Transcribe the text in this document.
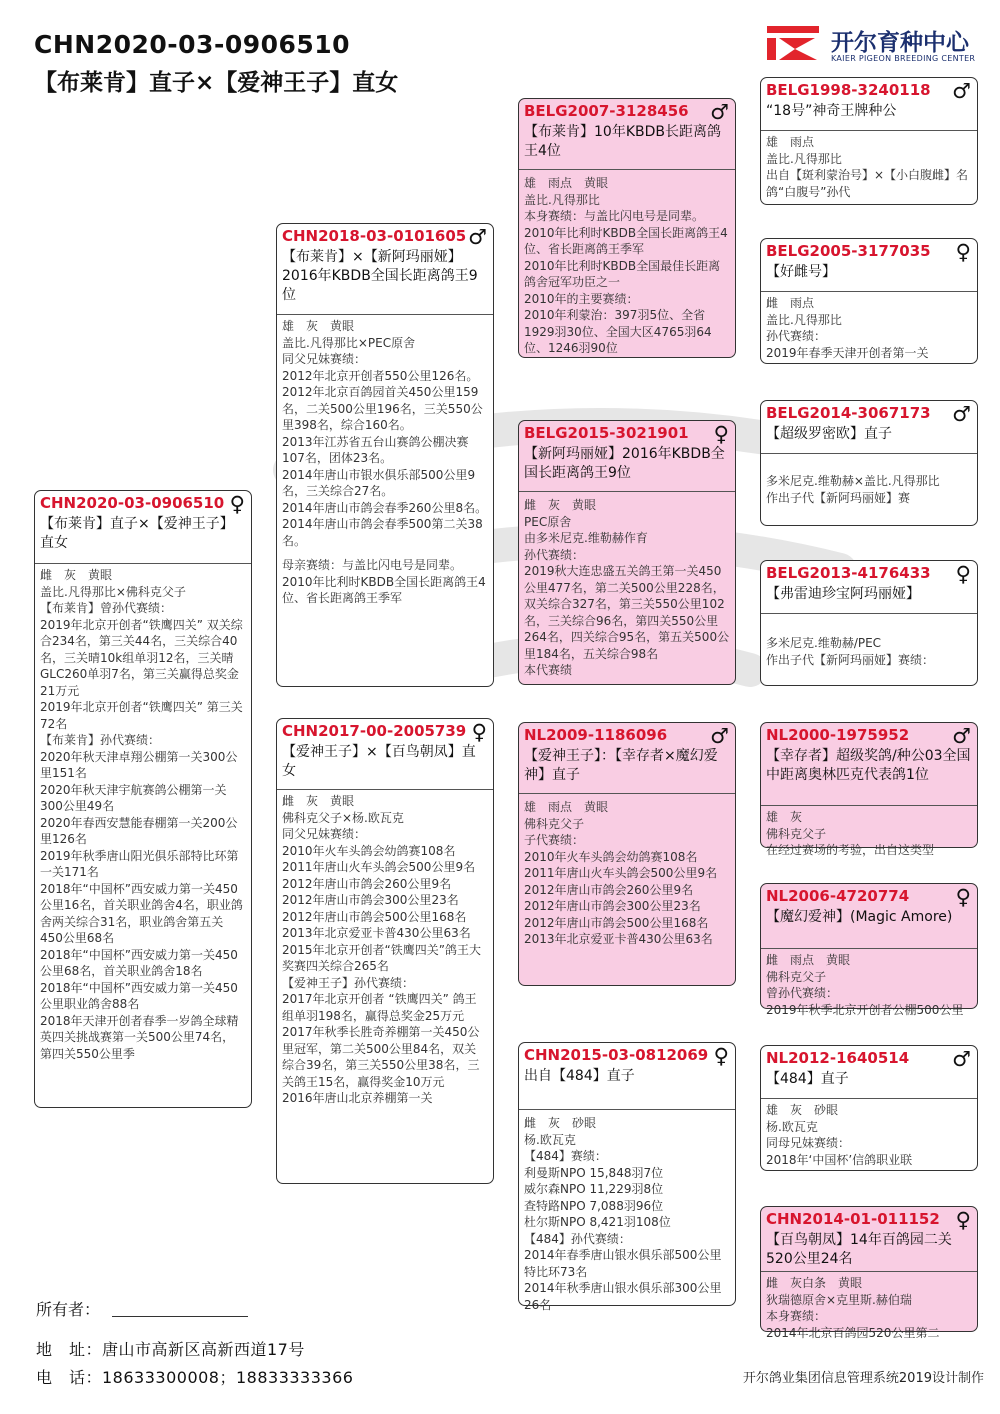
CHN2020-03-0906510
【布莱肯】直子×【爱神王子】直女
开尔育种中心
KAIER PIGEON BREEDING CENTER
CHN2020-03-0906510 ♀
【布莱肯】直子×【爱神王子】直女
雌　灰　黄眼
盖比.凡得那比×佛科克父子
【布莱肯】曾孙代赛绩：
2019年北京开创者“铁鹰四关” 双关综合234名，第三关44名，三关综合40名，三关晴10k组单羽12名，三关晴GLC260单羽7名，第三关赢得总奖金21万元
2019年北京开创者“铁鹰四关” 第三关72名
【布莱肯】孙代赛绩：
2020年秋天津卓翔公棚第一关300公里151名
2020年秋天津宇航赛鸽公棚第一关300公里49名
2020年春西安慧能春棚第一关200公里126名
2019年秋季唐山阳光俱乐部特比环第一关171名
2018年“中国杯”西安威力第一关450公里16名，首关职业鸽舍4名，职业鸽舍两关综合31名，职业鸽舍第五关450公里68名
2018年“中国杯”西安威力第一关450公里68名，首关职业鸽舍18名
2018年“中国杯”西安威力第一关450公里职业鸽舍88名
2018年天津开创者春季一岁鸽全球精英四关挑战赛第一关500公里74名，第四关550公里季
CHN2018-03-0101605 ♂
【布莱肯】×【新阿玛丽娅】2016年KBDB全国长距离鸽王9位
雄　灰　黄眼
盖比.凡得那比×PEC原舍
同父兄妹赛绩：
2012年北京开创者550公里126名。
2012年北京百鸽园首关450公里159名，二关500公里196名，三关550公里398名，综合160名。
2013年江苏省五台山赛鸽公棚决赛107名，团体23名。
2014年唐山市银水俱乐部500公里9名，三关综合27名。
2014年唐山市鸽会春季260公里8名。
2014年唐山市鸽会春季500第二关38名。
母亲赛绩：与盖比闪电号是同辈。
2010年比利时KBDB全国长距离鸽王4位、省长距离鸽王季军
CHN2017-00-2005739 ♀
【爱神王子】×【百鸟朝凤】直女
雌　灰　黄眼
佛科克父子×杨.欧瓦克
同父兄妹赛绩：
2010年火车头鸽会幼鸽赛108名
2011年唐山火车头鸽会500公里9名
2012年唐山市鸽会260公里9名
2012年唐山市鸽会300公里23名
2012年唐山市鸽会500公里168名
2013年北京爱亚卡普430公里63名
2015年北京开创者“铁鹰四关”鸽王大奖赛四关综合265名
【爱神王子】孙代赛绩：
2017年北京开创者 “铁鹰四关” 鸽王组单羽198名，赢得总奖金25万元
2017年秋季长胜奇养棚第一关450公里冠军，第二关500公里84名，双关综合39名，第三关550公里38名，三关鸽王15名，赢得奖金10万元
2016年唐山北京养棚第一关
BELG2007-3128456 ♂
【布莱肯】10年KBDB长距离鸽王4位
雄　雨点　黄眼
盖比.凡得那比
本身赛绩：与盖比闪电号是同辈。
2010年比利时KBDB全国长距离鸽王4位、省长距离鸽王季军
2010年比利时KBDB全国最佳长距离鸽舍冠军功臣之一
2010年的主要赛绩：
2010年利蒙治：397羽5位、全省1929羽30位、全国大区4765羽64位、1246羽90位
BELG2015-3021901 ♀
【新阿玛丽娅】2016年KBDB全国长距离鸽王9位
雌　灰　黄眼
PEC原舍
由多米尼克.维勒赫作育
孙代赛绩：
2019秋大连忠盛五关鸽王第一关450公里477名，第二关500公里228名，双关综合327名，第三关550公里102名，三关综合96名，第四关550公里264名，四关综合95名，第五关500公里184名，五关综合98名
本代赛绩
NL2009-1186096 ♂
【爱神王子】：【幸存者×魔幻爱神】直子
雄　雨点　黄眼
佛科克父子
子代赛绩：
2010年火车头鸽会幼鸽赛108名
2011年唐山火车头鸽会500公里9名
2012年唐山市鸽会260公里9名
2012年唐山市鸽会300公里23名
2012年唐山市鸽会500公里168名
2013年北京爱亚卡普430公里63名
CHN2015-03-0812069 ♀
出自【484】直子
雌　灰　砂眼
杨.欧瓦克
【484】赛绩：
利曼斯NPO 15,848羽7位
威尔森NPO 11,229羽8位
查特路NPO 7,088羽96位
杜尔斯NPO 8,421羽108位
【484】孙代赛绩：
2014年春季唐山银水俱乐部500公里特比环73名
2014年秋季唐山银水俱乐部300公里26名
BELG1998-3240118 ♂
“18号”神奇王牌种公
雄　雨点
盖比.凡得那比
出自【斑利蒙治号】×【小白腹雌】名鸽“白腹号”孙代
BELG2005-3177035 ♀
【好雌号】
雌　雨点
盖比.凡得那比
孙代赛绩：
2019年春季天津开创者第一关
BELG2014-3067173 ♂
【超级罗密欧】直子
多米尼克.维勒赫×盖比.凡得那比
作出子代【新阿玛丽娅】赛
BELG2013-4176433 ♀
【弗雷迪珍宝阿玛丽娅】
多米尼克.维勒赫/PEC
作出子代【新阿玛丽娅】赛绩：
NL2000-1975952 ♂
【幸存者】超级奖鸽/种公03全国中距离奥林匹克代表鸽1位
雄　灰
佛科克父子
在经过赛场的考验，出自这类型
NL2006-4720774 ♀
【魔幻爱神】(Magic Amore)
雌　雨点　黄眼
佛科克父子
曾孙代赛绩：
2019年秋季北京开创者公棚500公里
NL2012-1640514 ♂
【484】直子
雄　灰　砂眼
杨.欧瓦克
同母兄妹赛绩：
2018年‘中国杯’信鸽职业联
CHN2014-01-011152 ♀
【百鸟朝凤】14年百鸽园二关520公里24名
雌　灰白条　黄眼
狄瑞德原舍×克里斯.赫伯瑞
本身赛绩：
2014年北京百鸽园520公里第二
所有者：
地　址：唐山市高新区高新西道17号
电　话：18633300008；18833333366	开尔鸽业集团信息管理系统2019设计制作
